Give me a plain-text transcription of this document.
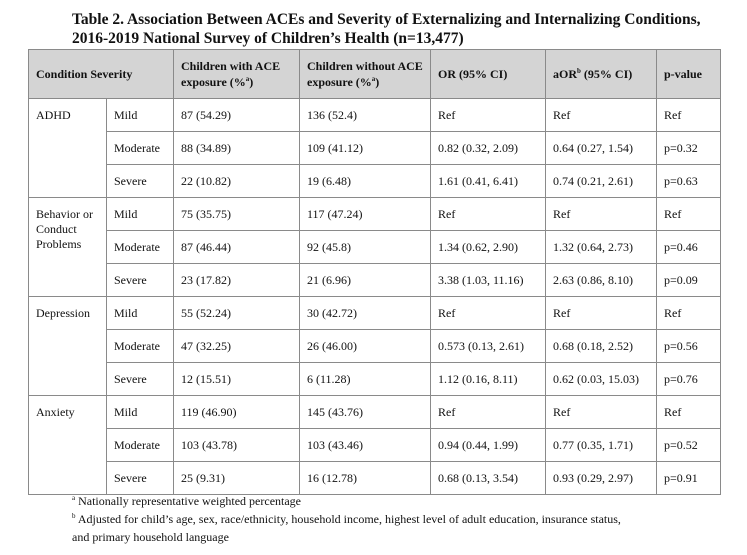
Table 2. Association Between ACEs and Severity of Externalizing and Internalizing Conditions, 2016-2019 National Survey of Children’s Health (n=13,477)
Condition Severity		Children with ACE exposure (%$^a$)	Children without ACE exposure (%$^a$)	OR (95% CI)	aOR$^b$ (95% CI)	p-value
ADHD	Mild	87 (54.29)	136 (52.4)	Ref	Ref	Ref
	Moderate	88 (34.89)	109 (41.12)	0.82 (0.32, 2.09)	0.64 (0.27, 1.54)	p=0.32
	Severe	22 (10.82)	19 (6.48)	1.61 (0.41, 6.41)	0.74 (0.21, 2.61)	p=0.63
Behavior or Conduct Problems	Mild	75 (35.75)	117 (47.24)	Ref	Ref	Ref
	Moderate	87 (46.44)	92 (45.8)	1.34 (0.62, 2.90)	1.32 (0.64, 2.73)	p=0.46
	Severe	23 (17.82)	21 (6.96)	3.38 (1.03, 11.16)	2.63 (0.86, 8.10)	p=0.09
Depression	Mild	55 (52.24)	30 (42.72)	Ref	Ref	Ref
	Moderate	47 (32.25)	26 (46.00)	0.573 (0.13, 2.61)	0.68 (0.18, 2.52)	p=0.56
	Severe	12 (15.51)	6 (11.28)	1.12 (0.16, 8.11)	0.62 (0.03, 15.03)	p=0.76
Anxiety	Mild	119 (46.90)	145 (43.76)	Ref	Ref	Ref
	Moderate	103 (43.78)	103 (43.46)	0.94 (0.44, 1.99)	0.77 (0.35, 1.71)	p=0.52
	Severe	25 (9.31)	16 (12.78)	0.68 (0.13, 3.54)	0.93 (0.29, 2.97)	p=0.91
$^a$ Nationally representative weighted percentage
$^b$ Adjusted for child’s age, sex, race/ethnicity, household income, highest level of adult education, insurance status,
and primary household language
